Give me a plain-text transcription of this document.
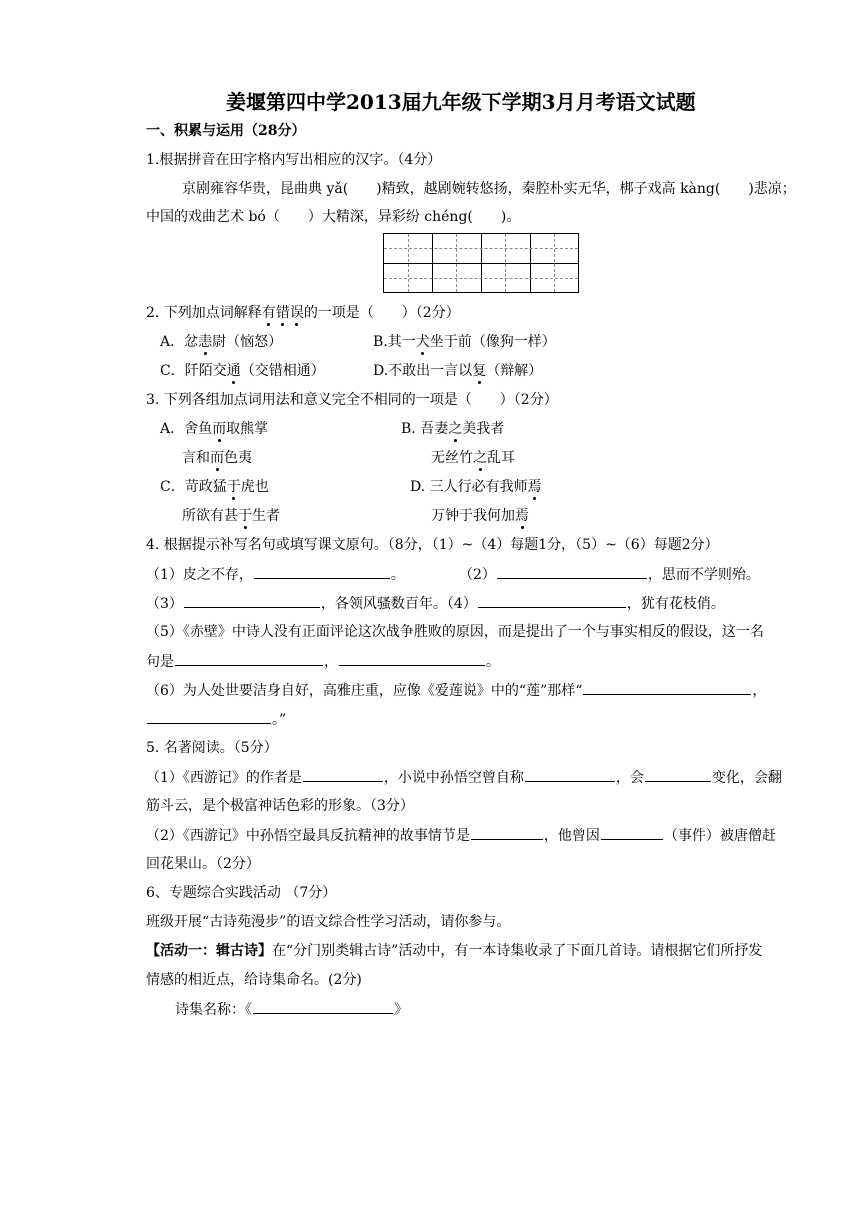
姜堰第四中学2013届九年级下学期3月月考语文试题
一、积累与运用（28分）
1.根据拼音在田字格内写出相应的汉字。（4分）
京剧雍容华贵，昆曲典 yǎ(　　)精致，越剧婉转悠扬，秦腔朴实无华，梆子戏高 kàng(　　)悲凉；
中国的戏曲艺术 bó（　　）大精深，异彩纷 chéng(　　)。
2. 下列加点词解释有错误的一项是（　　）（2分）
A．忿恚尉（恼怒）	B.其一犬坐于前（像狗一样）
C．阡陌交通（交错相通）	D.不敢出一言以复（辩解）
3. 下列各组加点词用法和意义完全不相同的一项是（　　）（2分）
A．舍鱼而取熊掌	B. 吾妻之美我者
言和而色夷	无丝竹之乱耳
C．苛政猛于虎也	D. 三人行必有我师焉
所欲有甚于生者	万钟于我何加焉
4. 根据提示补写名句或填写课文原句。（8分，（1）~（4）每题1分，（5）~（6）每题2分）
（1）皮之不存，	。	（2）	，思而不学则殆。
（3）	，各领风骚数百年。（4）	，犹有花枝俏。
（5）《赤壁》中诗人没有正面评论这次战争胜败的原因，而是提出了一个与事实相反的假设，这一名
句是	，	。
（6）为人处世要洁身自好，高雅庄重，应像《爱莲说》中的“莲”那样“	，
。”
5. 名著阅读。（5分）
（1）《西游记》的作者是	，小说中孙悟空曾自称	，会	变化，会翻
筋斗云，是个极富神话色彩的形象。（3分）
（2）《西游记》中孙悟空最具反抗精神的故事情节是	，他曾因	（事件）被唐僧赶
回花果山。（2分）
6、专题综合实践活动 （7分）
班级开展“古诗苑漫步”的语文综合性学习活动，请你参与。
【活动一：辑古诗】在“分门别类辑古诗”活动中，有一本诗集收录了下面几首诗。请根据它们所抒发
情感的相近点，给诗集命名。(2分)
诗集名称：《	》
